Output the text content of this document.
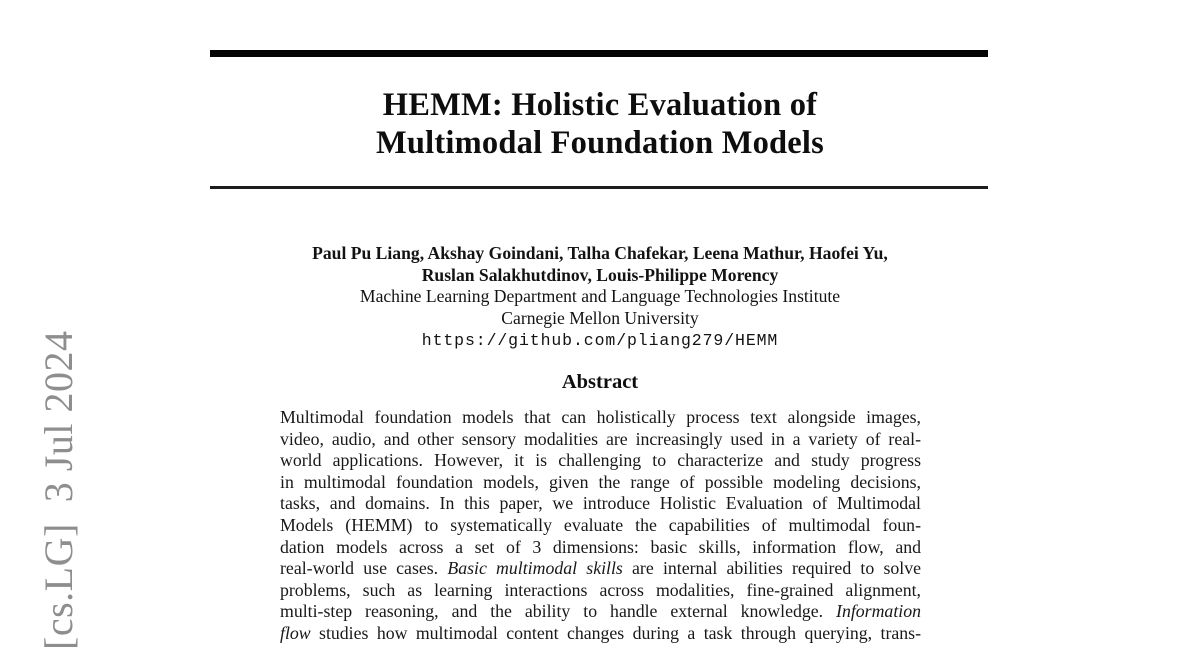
[cs.LG]  3 Jul 2024
HEMM: Holistic Evaluation of
Multimodal Foundation Models
Paul Pu Liang, Akshay Goindani, Talha Chafekar, Leena Mathur, Haofei Yu,
Ruslan Salakhutdinov, Louis-Philippe Morency
Machine Learning Department and Language Technologies Institute
Carnegie Mellon University
https://github.com/pliang279/HEMM
Abstract
Multimodal foundation models that can holistically process text alongside images,
video, audio, and other sensory modalities are increasingly used in a variety of real-
world applications. However, it is challenging to characterize and study progress
in multimodal foundation models, given the range of possible modeling decisions,
tasks, and domains. In this paper, we introduce Holistic Evaluation of Multimodal
Models (HEMM) to systematically evaluate the capabilities of multimodal foun-
dation models across a set of 3 dimensions: basic skills, information flow, and
real-world use cases. Basic multimodal skills are internal abilities required to solve
problems, such as learning interactions across modalities, fine-grained alignment,
multi-step reasoning, and the ability to handle external knowledge. Information
flow studies how multimodal content changes during a task through querying, trans-
